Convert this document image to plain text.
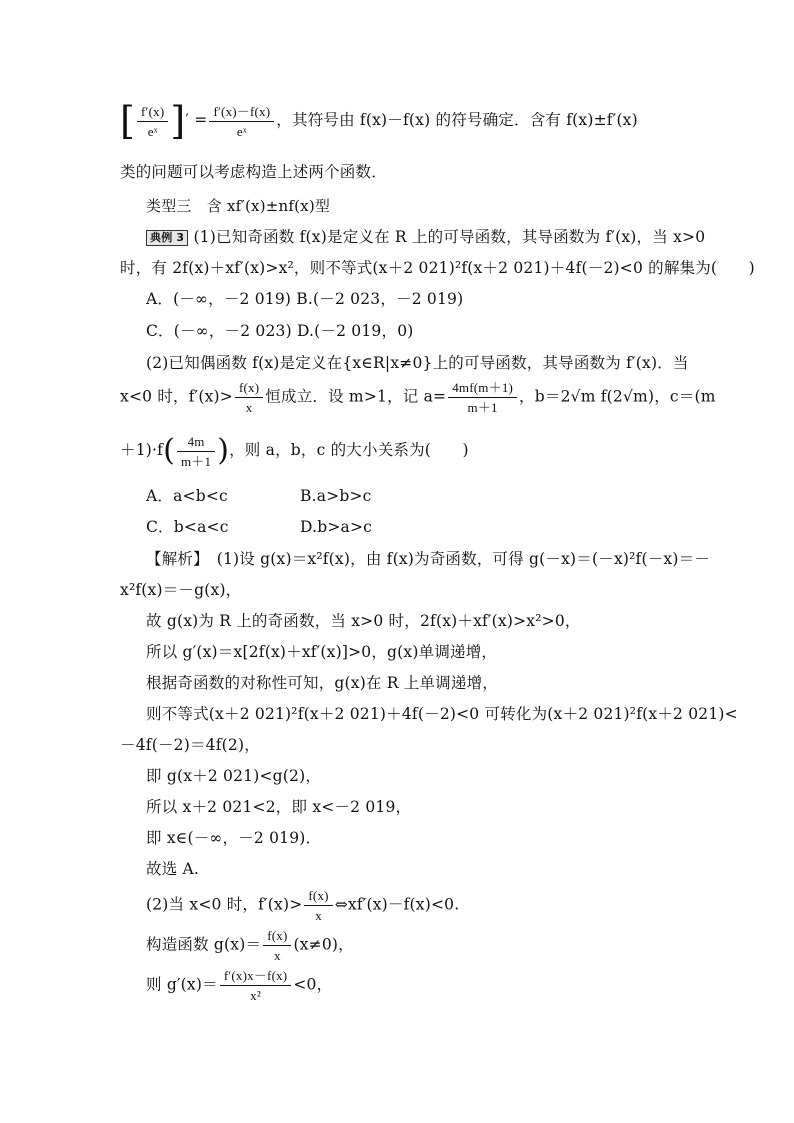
[ $\frac{f'(x)}{\text{eˣ}}$ ]′ = $\frac{f'(x)-f(x)}{\text{eˣ}}$ ，其符号由 f(x)－f(x) 的符号确定．含有 f(x)±f′(x)
类的问题可以考虑构造上述两个函数．
类型三　含 xf′(x)±nf(x)型
典例 3 (1)已知奇函数 f(x)是定义在 R 上的可导函数，其导函数为 f′(x)，当 x>0
时，有 2f(x)＋xf′(x)>x²，则不等式(x＋2 021)²f(x＋2 021)＋4f(－2)<0 的解集为(　　)
A．(－∞，－2 019) B.(－2 023，－2 019)
C．(－∞，－2 023) D.(－2 019，0)
(2)已知偶函数 f(x)是定义在{x∈R|x≠0}上的可导函数，其导函数为 f′(x)．当
x<0 时，$f'(x)> \frac{f(x)}{x}$ 恒成立．设 m>1，记 $a= \frac{4mf(m+1)}{m+1}$ ，b＝2√m f(2√m)，c＝(m
$+1)\cdot f( \frac{4m}{m+1}$ )，则 a，b，c 的大小关系为(　　)
A．a<b<c	B.a>b>c
C．b<a<c	D.b>a>c
【解析】　(1)设 g(x)＝x²f(x)，由 f(x)为奇函数，可得 g(－x)＝(－x)²f(－x)＝－
x²f(x)＝－g(x)，
故 g(x)为 R 上的奇函数，当 x>0 时，2f(x)＋xf′(x)>x²>0，
所以 g′(x)＝x[2f(x)＋xf′(x)]>0，g(x)单调递增，
根据奇函数的对称性可知，g(x)在 R 上单调递增，
则不等式(x＋2 021)²f(x＋2 021)＋4f(－2)<0 可转化为(x＋2 021)²f(x＋2 021)<
－4f(－2)＝4f(2)，
即 g(x＋2 021)<g(2)，
所以 x＋2 021<2，即 x<－2 019，
即 x∈(－∞，－2 019)．
故选 A.
(2)当 x<0 时，$f'(x)> \frac{f(x)}{x}$ ⇔xf′(x)－f(x)<0.
构造函数 $g(x)= \frac{f(x)}{x} (x\ne 0)$，
则 $g'(x)= \frac{f'(x)x-f(x)}{\text{x²}} <0$，
